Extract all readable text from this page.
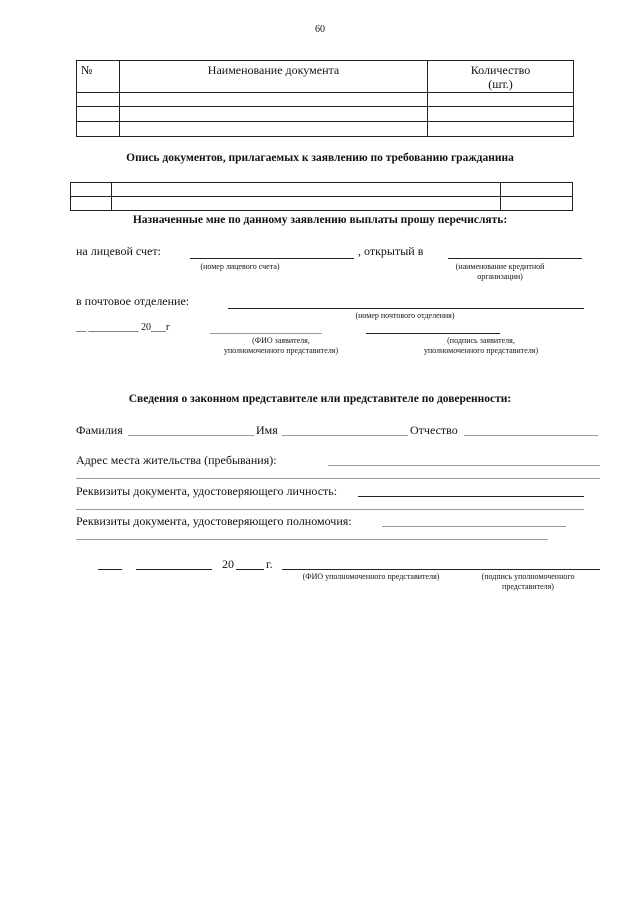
60
№	Наименование документа	Количество
(шт.)

Опись документов, прилагаемых к заявлению по требованию гражданина

Назначенные мне по данному заявлению выплаты прошу перечислять:
на лицевой счет:	, открытый в
(номер лицевого счета)	(наименование кредитной
организации)
в почтовое отделение:
(номер почтового отделения)
__ __________ 20___г
(ФИО заявителя,
уполномоченного представителя)
(подпись заявителя,
уполномоченного представителя)
Сведения о законном представителе или представителе по доверенности:
Фамилия	Имя	Отчество
Адрес места жительства (пребывания):
Реквизиты документа, удостоверяющего личность:
Реквизиты документа, удостоверяющего полномочия:
20	г.
(ФИО уполномоченного представителя)	(подпись уполномоченного
представителя)
